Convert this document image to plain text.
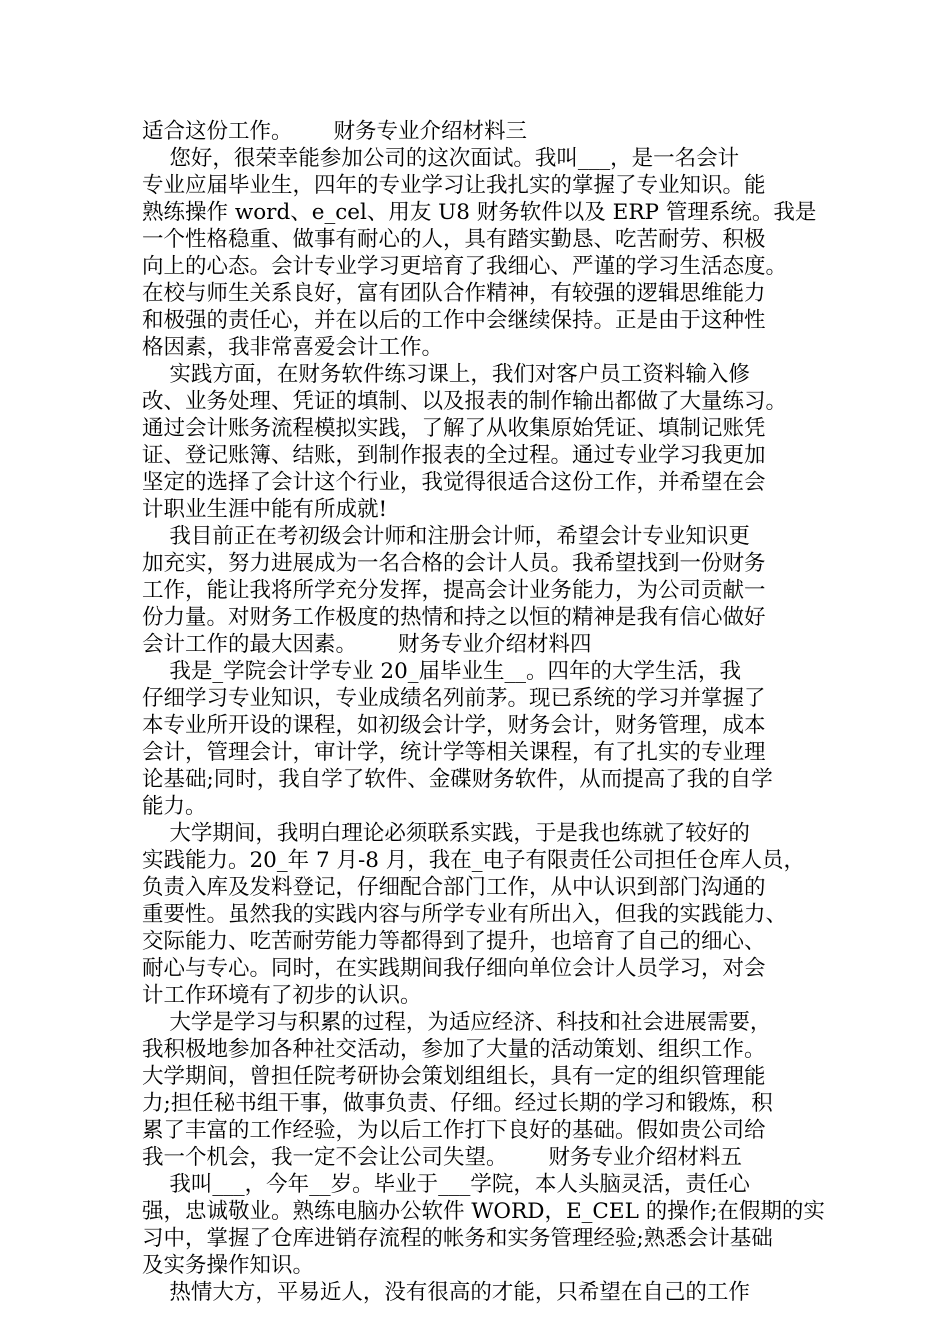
适合这份工作。      财务专业介绍材料三
您好，很荣幸能参加公司的这次面试。我叫___，是一名会计
专业应届毕业生，四年的专业学习让我扎实的掌握了专业知识。能
熟练操作 word、e_cel、用友 U8 财务软件以及 ERP 管理系统。我是
一个性格稳重、做事有耐心的人，具有踏实勤恳、吃苦耐劳、积极
向上的心态。会计专业学习更培育了我细心、严谨的学习生活态度。
在校与师生关系良好，富有团队合作精神，有较强的逻辑思维能力
和极强的责任心，并在以后的工作中会继续保持。正是由于这种性
格因素，我非常喜爱会计工作。
实践方面，在财务软件练习课上，我们对客户员工资料输入修
改、业务处理、凭证的填制、以及报表的制作输出都做了大量练习。
通过会计账务流程模拟实践，了解了从收集原始凭证、填制记账凭
证、登记账簿、结账，到制作报表的全过程。通过专业学习我更加
坚定的选择了会计这个行业，我觉得很适合这份工作，并希望在会
计职业生涯中能有所成就!
我目前正在考初级会计师和注册会计师，希望会计专业知识更
加充实，努力进展成为一名合格的会计人员。我希望找到一份财务
工作，能让我将所学充分发挥，提高会计业务能力，为公司贡献一
份力量。对财务工作极度的热情和持之以恒的精神是我有信心做好
会计工作的最大因素。      财务专业介绍材料四
我是_学院会计学专业 20_届毕业生__。四年的大学生活，我
仔细学习专业知识，专业成绩名列前茅。现已系统的学习并掌握了
本专业所开设的课程，如初级会计学，财务会计，财务管理，成本
会计，管理会计，审计学，统计学等相关课程，有了扎实的专业理
论基础;同时，我自学了软件、金碟财务软件，从而提高了我的自学
能力。
大学期间，我明白理论必须联系实践，于是我也练就了较好的
实践能力。20_年 7 月-8 月，我在_电子有限责任公司担任仓库人员，
负责入库及发料登记，仔细配合部门工作，从中认识到部门沟通的
重要性。虽然我的实践内容与所学专业有所出入，但我的实践能力、
交际能力、吃苦耐劳能力等都得到了提升，也培育了自己的细心、
耐心与专心。同时，在实践期间我仔细向单位会计人员学习，对会
计工作环境有了初步的认识。
大学是学习与积累的过程，为适应经济、科技和社会进展需要，
我积极地参加各种社交活动，参加了大量的活动策划、组织工作。
大学期间，曾担任院考研协会策划组组长，具有一定的组织管理能
力;担任秘书组干事，做事负责、仔细。经过长期的学习和锻炼，积
累了丰富的工作经验，为以后工作打下良好的基础。假如贵公司给
我一个机会，我一定不会让公司失望。      财务专业介绍材料五
我叫___，今年__岁。毕业于___学院，本人头脑灵活，责任心
强，忠诚敬业。熟练电脑办公软件 WORD，E_CEL 的操作;在假期的实
习中，掌握了仓库进销存流程的帐务和实务管理经验;熟悉会计基础
及实务操作知识。
热情大方，平易近人，没有很高的才能，只希望在自己的工作
